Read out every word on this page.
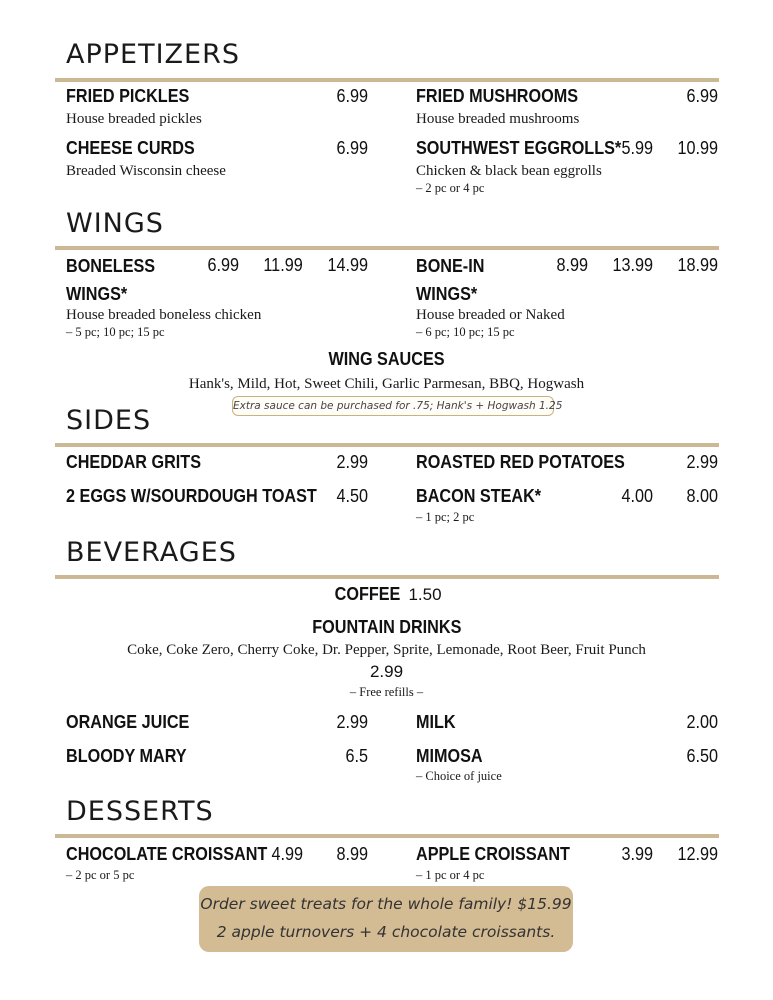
APPETIZERS
FRIED PICKLES	6.99
House breaded pickles
FRIED MUSHROOMS	6.99
House breaded mushrooms
CHEESE CURDS	6.99
Breaded Wisconsin cheese
SOUTHWEST EGGROLLS* 5.99 10.99
Chicken & black bean eggrolls
– 2 pc or 4 pc
WINGS
BONELESS WINGS*
6.99 11.99 14.99
House breaded boneless chicken
– 5 pc; 10 pc; 15 pc
BONE-IN WINGS*
8.99 13.99 18.99
House breaded or Naked
– 6 pc; 10 pc; 15 pc
WING SAUCES
Hank's, Mild, Hot, Sweet Chili, Garlic Parmesan, BBQ, Hogwash
Extra sauce can be purchased for .75; Hank's + Hogwash 1.25
SIDES
CHEDDAR GRITS	2.99	ROASTED RED POTATOES	2.99
2 EGGS W/SOURDOUGH TOAST 4.50	BACON STEAK*	4.00 8.00
– 1 pc; 2 pc
BEVERAGES
COFFEE 1.50
FOUNTAIN DRINKS
Coke, Coke Zero, Cherry Coke, Dr. Pepper, Sprite, Lemonade, Root Beer, Fruit Punch
2.99
– Free refills –
ORANGE JUICE	2.99	MILK	2.00
BLOODY MARY	6.5	MIMOSA	6.50
– Choice of juice
DESSERTS
CHOCOLATE CROISSANT 4.99 8.99
– 2 pc or 5 pc
APPLE CROISSANT	3.99 12.99
– 1 pc or 4 pc
Order sweet treats for the whole family! $15.99
2 apple turnovers + 4 chocolate croissants.
